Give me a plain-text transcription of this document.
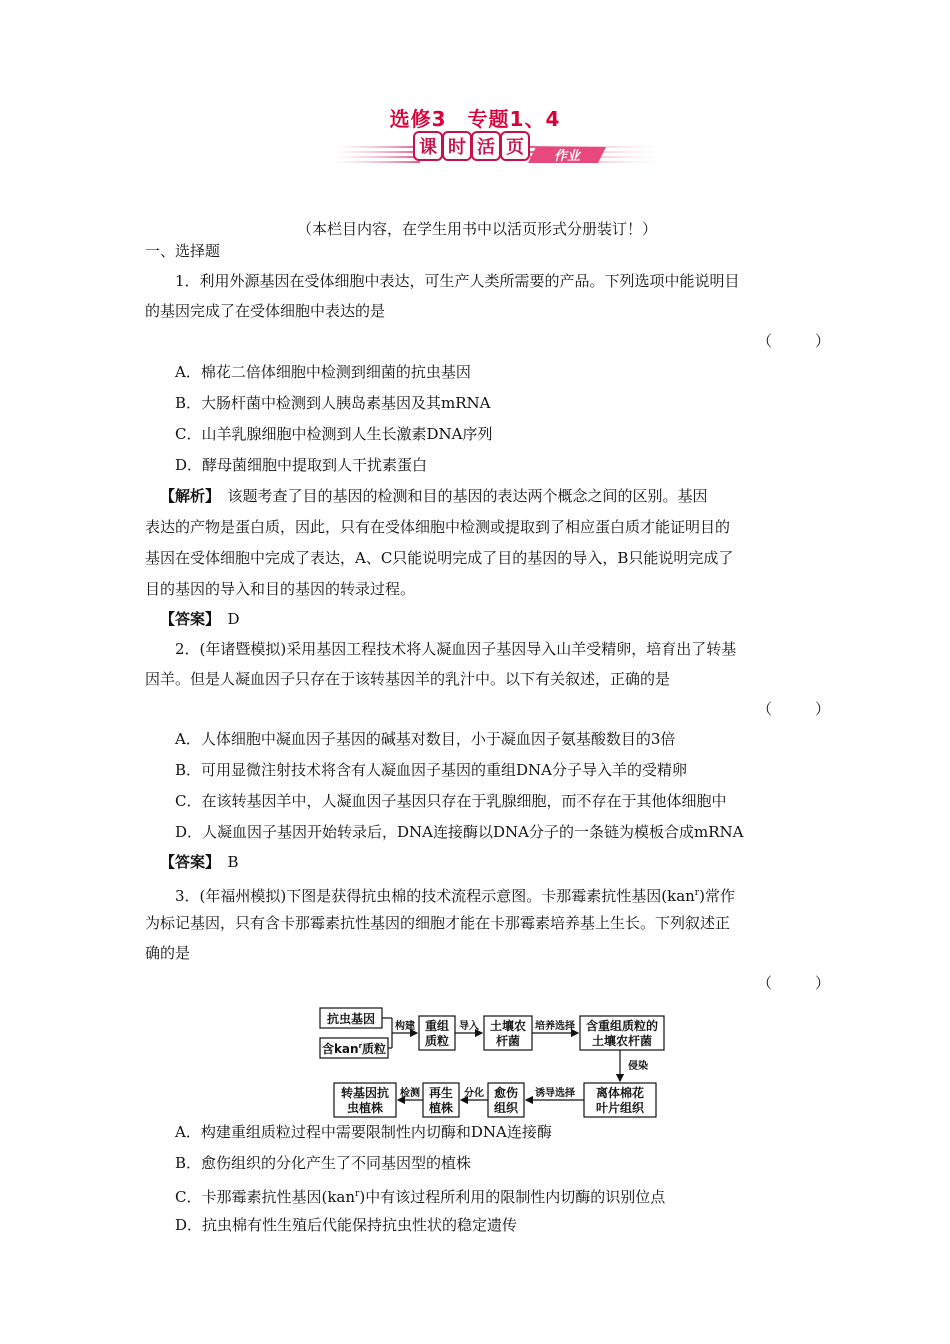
选修3　专题1、4
课 时 活 页 作业
（本栏目内容，在学生用书中以活页形式分册装订！）
一、选择题
1．利用外源基因在受体细胞中表达，可生产人类所需要的产品。下列选项中能说明目
的基因完成了在受体细胞中表达的是
（　）
A．棉花二倍体细胞中检测到细菌的抗虫基因
B．大肠杆菌中检测到人胰岛素基因及其mRNA
C．山羊乳腺细胞中检测到人生长激素DNA序列
D．酵母菌细胞中提取到人干扰素蛋白
【解析】　该题考查了目的基因的检测和目的基因的表达两个概念之间的区别。基因
表达的产物是蛋白质，因此，只有在受体细胞中检测或提取到了相应蛋白质才能证明目的
基因在受体细胞中完成了表达，A、C只能说明完成了目的基因的导入，B只能说明完成了
目的基因的导入和目的基因的转录过程。
【答案】　D
2．(年诸暨模拟)采用基因工程技术将人凝血因子基因导入山羊受精卵，培育出了转基
因羊。但是人凝血因子只存在于该转基因羊的乳汁中。以下有关叙述，正确的是
（　）
A．人体细胞中凝血因子基因的碱基对数目，小于凝血因子氨基酸数目的3倍
B．可用显微注射技术将含有人凝血因子基因的重组DNA分子导入羊的受精卵
C．在该转基因羊中，人凝血因子基因只存在于乳腺细胞，而不存在于其他体细胞中
D．人凝血因子基因开始转录后，DNA连接酶以DNA分子的一条链为模板合成mRNA
【答案】　B
3．(年福州模拟)下图是获得抗虫棉的技术流程示意图。卡那霉素抗性基因(kan$^r$)常作
为标记基因，只有含卡那霉素抗性基因的细胞才能在卡那霉素培养基上生长。下列叙述正
确的是
（　）
抗虫基因
含kan$^r$质粒
重组
质粒
土壤农
杆菌
含重组质粒的
土壤农杆菌
离体棉花
叶片组织
愈伤
组织
再生
植株
转基因抗
虫植株
构建	导入	培养选择
侵染
诱导选择
分化
检测
A．构建重组质粒过程中需要限制性内切酶和DNA连接酶
B．愈伤组织的分化产生了不同基因型的植株
C．卡那霉素抗性基因(kan$^r$)中有该过程所利用的限制性内切酶的识别位点
D．抗虫棉有性生殖后代能保持抗虫性状的稳定遗传
